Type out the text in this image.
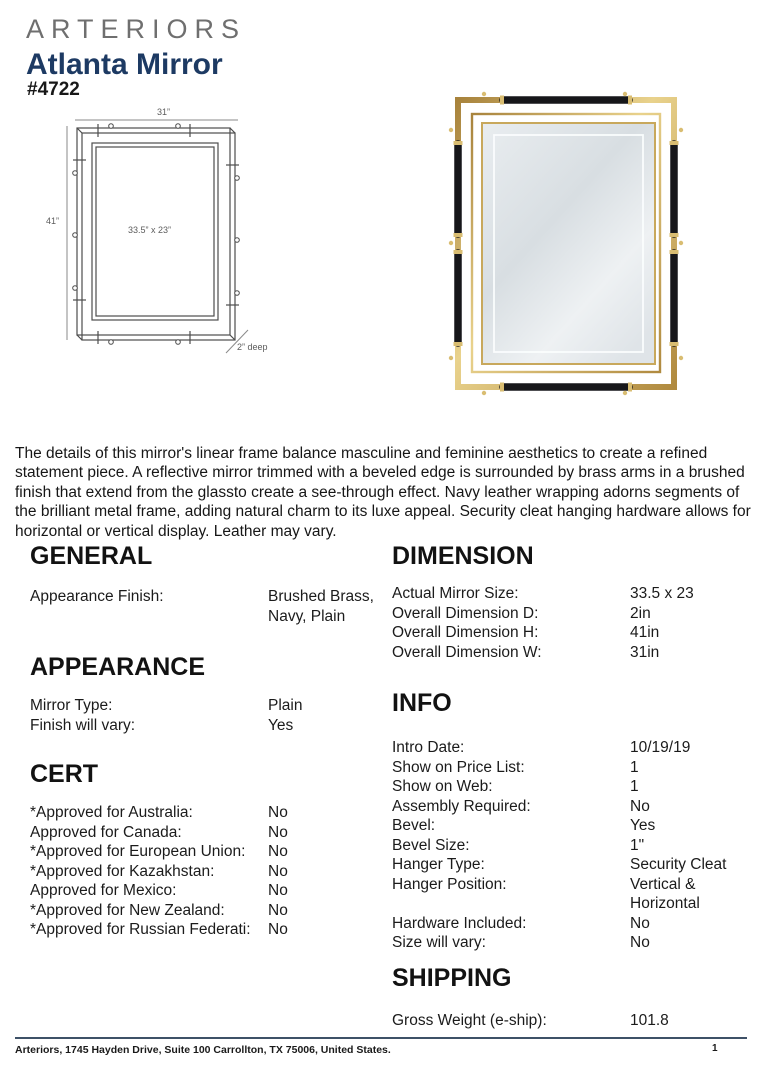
ARTERIORS
Atlanta Mirror
#4722
31”
41”
33.5” x 23”
2” deep

The details of this mirror's linear frame balance masculine and feminine aesthetics to create a refined statement piece. A reflective mirror trimmed with a beveled edge is surrounded by brass arms in a brushed finish that extend from the glassto create a see-through effect. Navy leather wrapping adorns segments of the brilliant metal frame, adding natural charm to its luxe appeal. Security cleat hanging hardware allows for horizontal or vertical display. Leather may vary.

GENERAL
Appearance Finish:	Brushed Brass, Navy, Plain
APPEARANCE
Mirror Type:	Plain
Finish will vary:	Yes
CERT
*Approved for Australia:	No
Approved for Canada:	No
*Approved for European Union:	No
*Approved for Kazakhstan:	No
Approved for Mexico:	No
*Approved for New Zealand:	No
*Approved for Russian Federati:	No
DIMENSION
Actual Mirror Size:	33.5 x 23
Overall Dimension D:	2in
Overall Dimension H:	41in
Overall Dimension W:	31in
INFO
Intro Date:	10/19/19
Show on Price List:	1
Show on Web:	1
Assembly Required:	No
Bevel:	Yes
Bevel Size:	1"
Hanger Type:	Security Cleat
Hanger Position:	Vertical & Horizontal
Hardware Included:	No
Size will vary:	No
SHIPPING
Gross Weight (e-ship):	101.8
Arteriors, 1745 Hayden Drive, Suite 100 Carrollton, TX 75006, United States.	1
